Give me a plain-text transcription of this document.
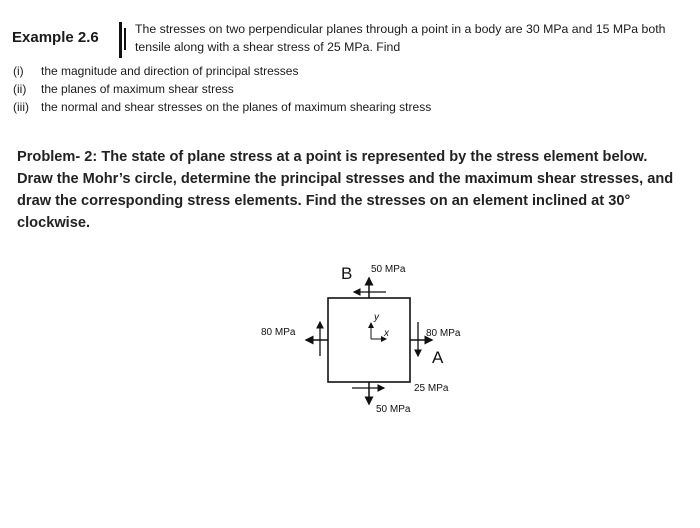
Example 2.6	The stresses on two perpendicular planes through a point in a body are 30 MPa and 15 MPa both
tensile along with a shear stress of 25 MPa. Find
(i)	the magnitude and direction of principal stresses
(ii)	the planes of maximum shear stress
(iii)	the normal and shear stresses on the planes of maximum shearing stress
Problem- 2: The state of plane stress at a point is represented by the stress element below. Draw the Mohr’s circle, determine the principal stresses and the maximum shear stresses, and draw the corresponding stress elements. Find the stresses on an element inclined at 30° clockwise.
y
x
50 MPa
B
80 MPa	80 MPa
A
25 MPa
50 MPa
